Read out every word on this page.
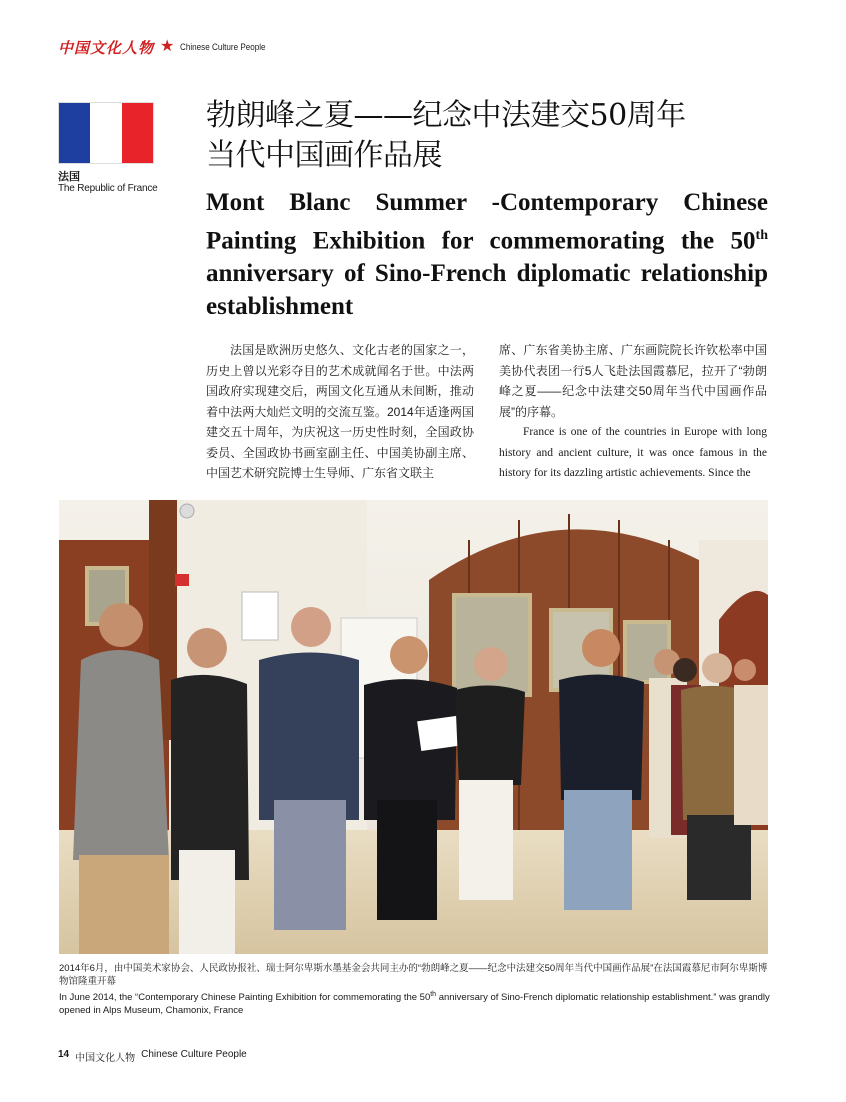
中国文化人物 ★ Chinese Culture People
法国
The Republic of France
勃朗峰之夏——纪念中法建交50周年
当代中国画作品展
Mont Blanc Summer -Contemporary Chinese Painting Exhibition for commemorating the 50th anniversary of Sino-French diplomatic relationship establishment

法国是欧洲历史悠久、文化古老的国家之一，历史上曾以光彩夺目的艺术成就闻名于世。中法两国政府实现建交后，两国文化互通从未间断，推动着中法两大灿烂文明的交流互鉴。2014年适逢两国建交五十周年，为庆祝这一历史性时刻，全国政协委员、全国政协书画室副主任、中国美协副主席、中国艺术研究院博士生导师、广东省文联主

席、广东省美协主席、广东画院院长许钦松率中国美协代表团一行5人飞赴法国霞慕尼，拉开了“勃朗峰之夏——纪念中法建交50周年当代中国画作品展”的序幕。

France is one of the countries in Europe with long history and ancient culture, it was once famous in the history for its dazzling artistic achievements. Since the

2014年6月，由中国美术家协会、人民政协报社、瑞士阿尔卑斯水墨基金会共同主办的“勃朗峰之夏——纪念中法建交50周年当代中国画作品展”在法国霞慕尼市阿尔卑斯博物馆隆重开幕

In June 2014, the “Contemporary Chinese Painting Exhibition for commemorating the 50th anniversary of Sino-French diplomatic relationship establishment.” was grandly opened in Alps Museum, Chamonix, France

14 中国文化人物 Chinese Culture People
